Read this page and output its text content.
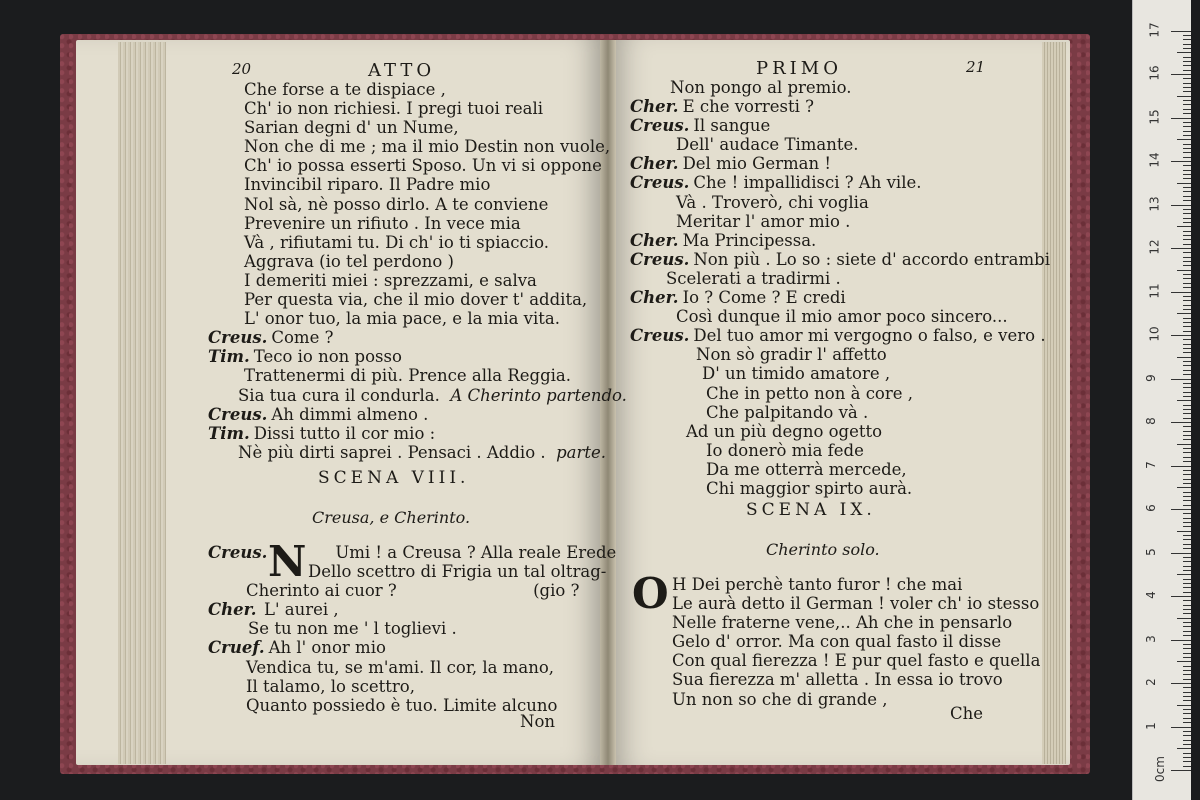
20	ATTO
Che forse a te dispiace ,
Ch' io non richiesi. I pregi tuoi reali
Sarian degni d' un Nume,
Non che di me ; ma il mio Destin non vuole,
Ch' io possa esserti Sposo. Un vi si oppone
Invincibil riparo. Il Padre mio
Nol sà, nè posso dirlo. A te conviene
Prevenire un rifiuto . In vece mia
Và , rifiutami tu. Di ch' io ti spiaccio.
Aggrava (io tel perdono )
I demeriti miei : sprezzami, e salva
Per questa via, che il mio dover t' addita,
L' onor tuo, la mia pace, e la mia vita.
Creus. Come ?
Tim. Teco io non posso
Trattenermi di più. Prence alla Reggia.
Sia tua cura il condurla.  A Cherinto partendo.
Creus. Ah dimmi almeno .
Tim. Dissi tutto il cor mio :
Nè più dirti saprei . Pensaci . Addio .  parte.
SCENA VIII.
Creusa, e Cherinto.
Creus. N Umi ! a Creusa ? Alla reale Erede
Dello scettro di Frigia un tal oltrag-
Cherinto ai cuor ?                          (gio ?
Cher. L' aurei ,
Se tu non me ' l toglievi .
Cruef. Ah l' onor mio
Vendica tu, se m'ami. Il cor, la mano,
Il talamo, lo scettro,
Quanto possiedo è tuo. Limite alcuno
Non
PRIMO	21
Non pongo al premio.
Cher. E che vorresti ?
Creus. Il sangue
Dell' audace Timante.
Cher. Del mio German !
Creus. Che ! impallidisci ? Ah vile.
Và . Troverò, chi voglia
Meritar l' amor mio .
Cher. Ma Principessa.
Creus. Non più . Lo so : siete d' accordo entrambi
Scelerati a tradirmi .
Cher. Io ? Come ? E credi
Così dunque il mio amor poco sincero...
Creus. Del tuo amor mi vergogno o falso, e vero .
Non sò gradir l' affetto
D' un timido amatore ,
Che in petto non à core ,
Che palpitando và .
Ad un più degno ogetto
Io donerò mia fede
Da me otterrà mercede,
Chi maggior spirto aurà.
SCENA IX.
Cherinto solo.
O H Dei perchè tanto furor ! che mai
Le aurà detto il German ! voler ch' io stesso
Nelle fraterne vene,.. Ah che in pensarlo
Gelo d' orror. Ma con qual fasto il disse
Con qual fierezza ! E pur quel fasto e quella
Sua fierezza m' alletta . In essa io trovo
Un non so che di grande ,
Che
0cm
1
2
3
4
5
6
7
8
9
10
11
12
13
14
15
16
17
